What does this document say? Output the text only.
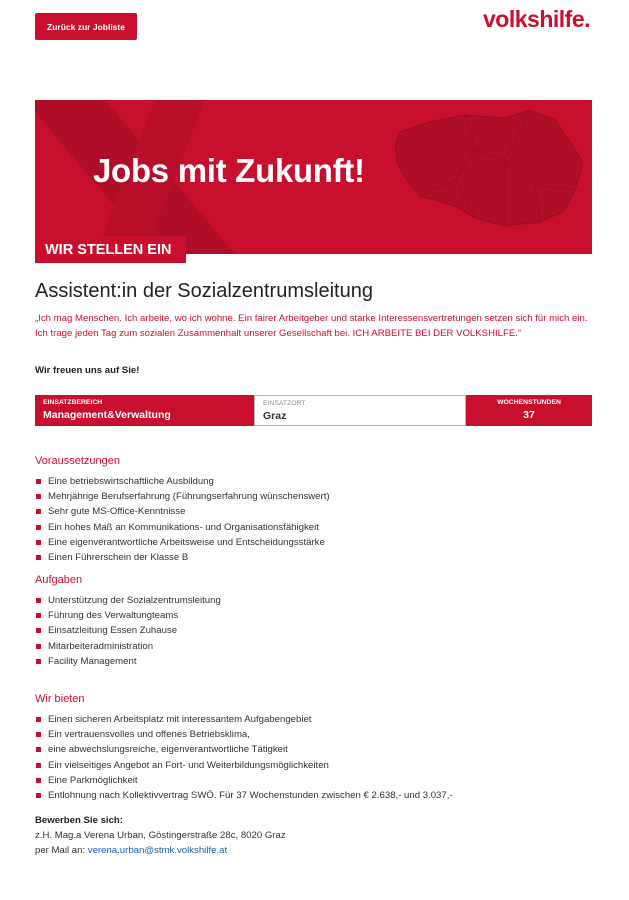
Zurück zur Jobliste	volkshilfe.
Jobs mit Zukunft!
WIR STELLEN EIN
Assistent:in der Sozialzentrumsleitung
„Ich mag Menschen. Ich arbeite, wo ich wohne. Ein fairer Arbeitgeber und starke Interessensvertretungen setzen sich für mich ein. Ich trage jeden Tag zum sozialen Zusammenhalt unserer Gesellschaft bei. ICH ARBEITE BEI DER VOLKSHILFE.“
Wir freuen uns auf Sie!
EINSATZBEREICH
Management&Verwaltung
EINSATZORT
Graz
WOCHENSTUNDEN
37
Voraussetzungen
Eine betriebswirtschaftliche Ausbildung
Mehrjährige Berufserfahrung (Führungserfahrung wünschenswert)
Sehr gute MS-Office-Kenntnisse
Ein hohes Maß an Kommunikations- und Organisationsfähigkeit
Eine eigenverantwortliche Arbeitsweise und Entscheidungsstärke
Einen Führerschein der Klasse B
Aufgaben
Unterstützung der Sozialzentrumsleitung
Führung des Verwaltungteams
Einsatzleitung Essen Zuhause
Mitarbeiteradministration
Facility Management
Wir bieten
Einen sicheren Arbeitsplatz mit interessantem Aufgabengebiet
Ein vertrauensvolles und offenes Betriebsklima,
eine abwechslungsreiche, eigenverantwortliche Tätigkeit
Ein vielseitiges Angebot an Fort- und Weiterbildungsmöglichkeiten
Eine Parkmöglichkeit
Entlohnung nach Kollektivvertrag SWÖ. Für 37 Wochenstunden zwischen € 2.638,- und 3.037,-
Bewerben Sie sich:
z.H. Mag.a Verena Urban, Göstingerstraße 28c, 8020 Graz
per Mail an: verena.urban@stmk.volkshilfe.at
